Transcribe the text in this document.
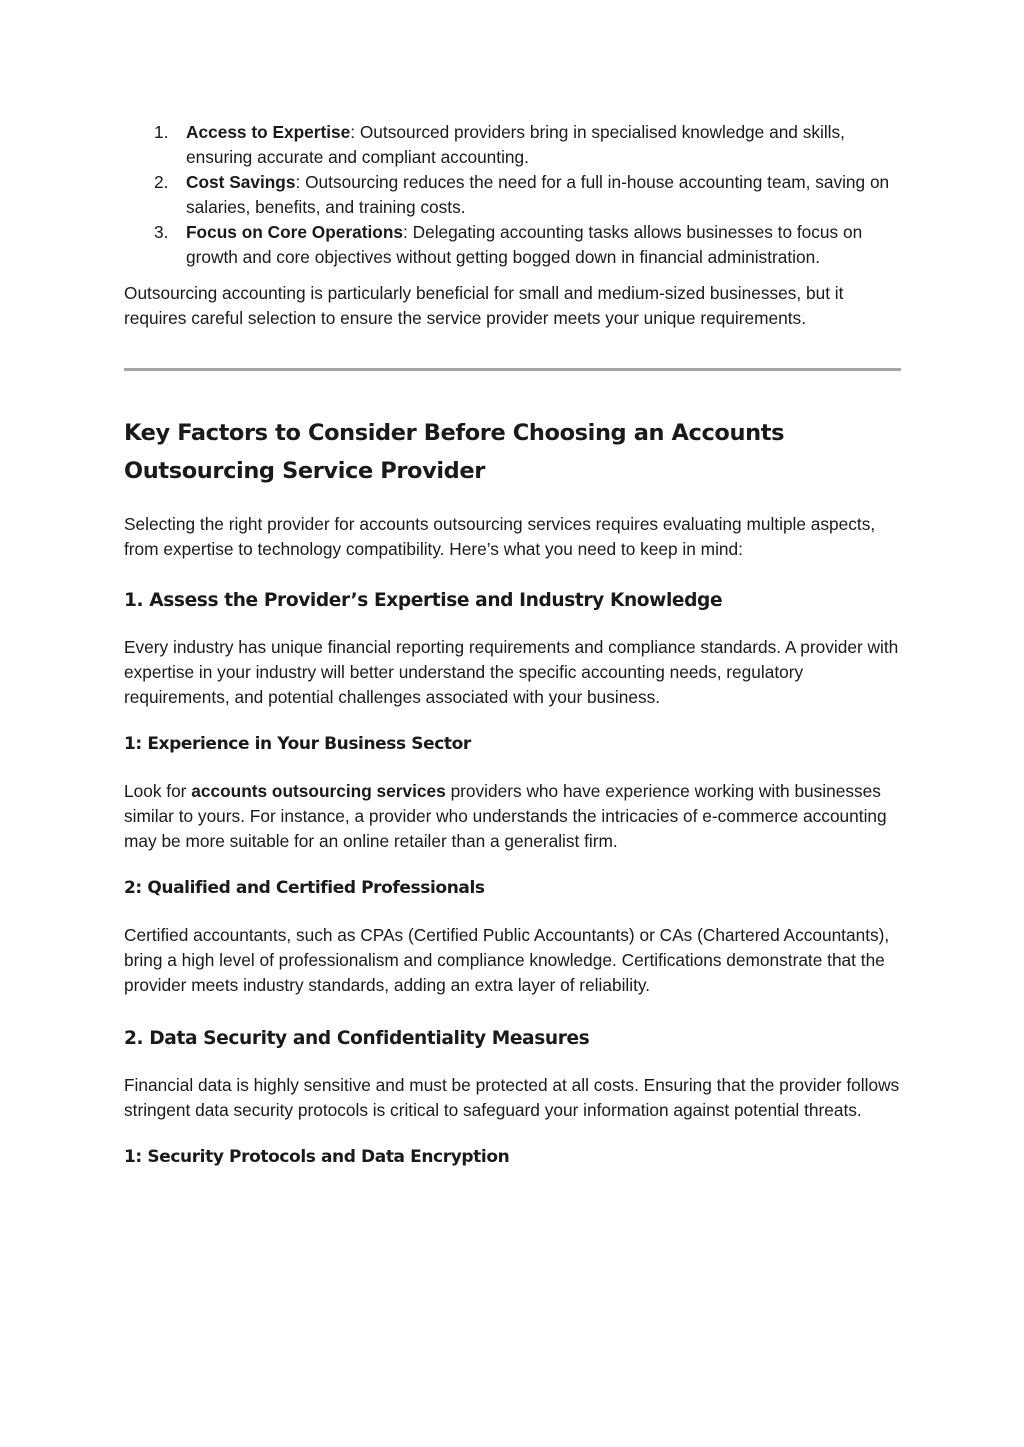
1. Access to Expertise: Outsourced providers bring in specialised knowledge and skills, ensuring accurate and compliant accounting.
2. Cost Savings: Outsourcing reduces the need for a full in-house accounting team, saving on salaries, benefits, and training costs.
3. Focus on Core Operations: Delegating accounting tasks allows businesses to focus on growth and core objectives without getting bogged down in financial administration.

Outsourcing accounting is particularly beneficial for small and medium-sized businesses, but it requires careful selection to ensure the service provider meets your unique requirements.

Key Factors to Consider Before Choosing an Accounts Outsourcing Service Provider

Selecting the right provider for accounts outsourcing services requires evaluating multiple aspects, from expertise to technology compatibility. Here’s what you need to keep in mind:

1. Assess the Provider’s Expertise and Industry Knowledge

Every industry has unique financial reporting requirements and compliance standards. A provider with expertise in your industry will better understand the specific accounting needs, regulatory requirements, and potential challenges associated with your business.

1: Experience in Your Business Sector

Look for accounts outsourcing services providers who have experience working with businesses similar to yours. For instance, a provider who understands the intricacies of e-commerce accounting may be more suitable for an online retailer than a generalist firm.

2: Qualified and Certified Professionals

Certified accountants, such as CPAs (Certified Public Accountants) or CAs (Chartered Accountants), bring a high level of professionalism and compliance knowledge. Certifications demonstrate that the provider meets industry standards, adding an extra layer of reliability.

2. Data Security and Confidentiality Measures

Financial data is highly sensitive and must be protected at all costs. Ensuring that the provider follows stringent data security protocols is critical to safeguard your information against potential threats.

1: Security Protocols and Data Encryption
